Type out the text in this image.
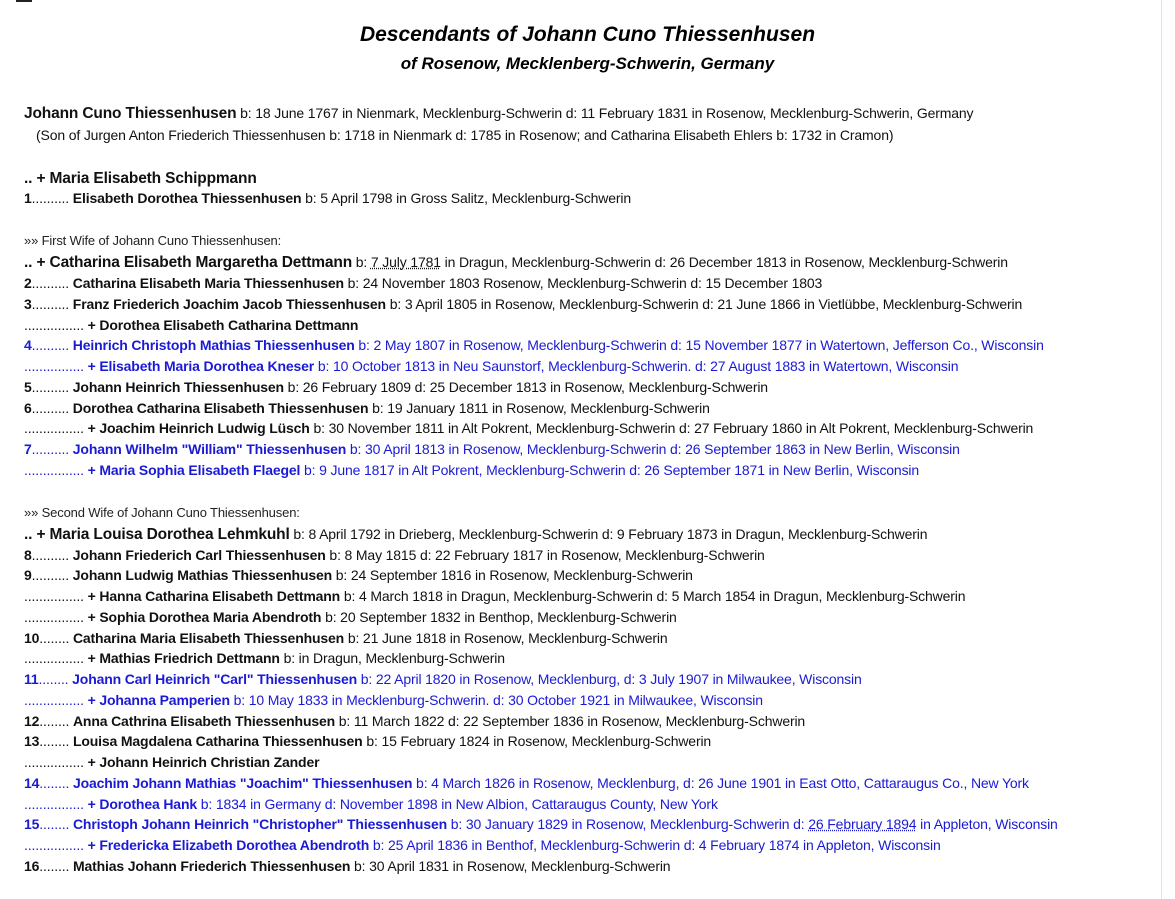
Descendants of Johann Cuno Thiessenhusen
of Rosenow, Mecklenberg-Schwerin, Germany
Johann Cuno Thiessenhusen b: 18 June 1767 in Nienmark, Mecklenburg-Schwerin d: 11 February 1831 in Rosenow, Mecklenburg-Schwerin, Germany
(Son of Jurgen Anton Friederich Thiessenhusen b: 1718 in Nienmark d: 1785 in Rosenow; and Catharina Elisabeth Ehlers b: 1732 in Cramon)
.. + Maria Elisabeth Schippmann
1.......... Elisabeth Dorothea Thiessenhusen b: 5 April 1798 in Gross Salitz, Mecklenburg-Schwerin
»» First Wife of Johann Cuno Thiessenhusen:
.. + Catharina Elisabeth Margaretha Dettmann b: 7 July 1781 in Dragun, Mecklenburg-Schwerin d: 26 December 1813 in Rosenow, Mecklenburg-Schwerin
2.......... Catharina Elisabeth Maria Thiessenhusen b: 24 November 1803 Rosenow, Mecklenburg-Schwerin d: 15 December 1803
3.......... Franz Friederich Joachim Jacob Thiessenhusen b: 3 April 1805 in Rosenow, Mecklenburg-Schwerin d: 21 June 1866 in Vietlübbe, Mecklenburg-Schwerin
................ + Dorothea Elisabeth Catharina Dettmann
4.......... Heinrich Christoph Mathias Thiessenhusen b: 2 May 1807 in Rosenow, Mecklenburg-Schwerin d: 15 November 1877 in Watertown, Jefferson Co., Wisconsin
................ + Elisabeth Maria Dorothea Kneser b: 10 October 1813 in Neu Saunstorf, Mecklenburg-Schwerin. d: 27 August 1883 in Watertown, Wisconsin
5.......... Johann Heinrich Thiessenhusen b: 26 February 1809 d: 25 December 1813 in Rosenow, Mecklenburg-Schwerin
6.......... Dorothea Catharina Elisabeth Thiessenhusen b: 19 January 1811 in Rosenow, Mecklenburg-Schwerin
................ + Joachim Heinrich Ludwig Lüsch b: 30 November 1811 in Alt Pokrent, Mecklenburg-Schwerin d: 27 February 1860 in Alt Pokrent, Mecklenburg-Schwerin
7.......... Johann Wilhelm "William" Thiessenhusen b: 30 April 1813 in Rosenow, Mecklenburg-Schwerin d: 26 September 1863 in New Berlin, Wisconsin
................ + Maria Sophia Elisabeth Flaegel b: 9 June 1817 in Alt Pokrent, Mecklenburg-Schwerin d: 26 September 1871 in New Berlin, Wisconsin
»» Second Wife of Johann Cuno Thiessenhusen:
.. + Maria Louisa Dorothea Lehmkuhl b: 8 April 1792 in Drieberg, Mecklenburg-Schwerin d: 9 February 1873 in Dragun, Mecklenburg-Schwerin
8.......... Johann Friederich Carl Thiessenhusen b: 8 May 1815 d: 22 February 1817 in Rosenow, Mecklenburg-Schwerin
9.......... Johann Ludwig Mathias Thiessenhusen b: 24 September 1816 in Rosenow, Mecklenburg-Schwerin
................ + Hanna Catharina Elisabeth Dettmann b: 4 March 1818 in Dragun, Mecklenburg-Schwerin d: 5 March 1854 in Dragun, Mecklenburg-Schwerin
................ + Sophia Dorothea Maria Abendroth b: 20 September 1832 in Benthop, Mecklenburg-Schwerin
10........ Catharina Maria Elisabeth Thiessenhusen b: 21 June 1818 in Rosenow, Mecklenburg-Schwerin
................ + Mathias Friedrich Dettmann b: in Dragun, Mecklenburg-Schwerin
11........ Johann Carl Heinrich "Carl" Thiessenhusen b: 22 April 1820 in Rosenow, Mecklenburg, d: 3 July 1907 in Milwaukee, Wisconsin
................ + Johanna Pamperien b: 10 May 1833 in Mecklenburg-Schwerin. d: 30 October 1921 in Milwaukee, Wisconsin
12........ Anna Cathrina Elisabeth Thiessenhusen b: 11 March 1822 d: 22 September 1836 in Rosenow, Mecklenburg-Schwerin
13........ Louisa Magdalena Catharina Thiessenhusen b: 15 February 1824 in Rosenow, Mecklenburg-Schwerin
................ + Johann Heinrich Christian Zander
14........ Joachim Johann Mathias "Joachim" Thiessenhusen b: 4 March 1826 in Rosenow, Mecklenburg, d: 26 June 1901 in East Otto, Cattaraugus Co., New York
................ + Dorothea Hank b: 1834 in Germany d: November 1898 in New Albion, Cattaraugus County, New York
15........ Christoph Johann Heinrich "Christopher" Thiessenhusen b: 30 January 1829 in Rosenow, Mecklenburg-Schwerin d: 26 February 1894 in Appleton, Wisconsin
................ + Fredericka Elizabeth Dorothea Abendroth b: 25 April 1836 in Benthof, Mecklenburg-Schwerin d: 4 February 1874 in Appleton, Wisconsin
16........ Mathias Johann Friederich Thiessenhusen b: 30 April 1831 in Rosenow, Mecklenburg-Schwerin
